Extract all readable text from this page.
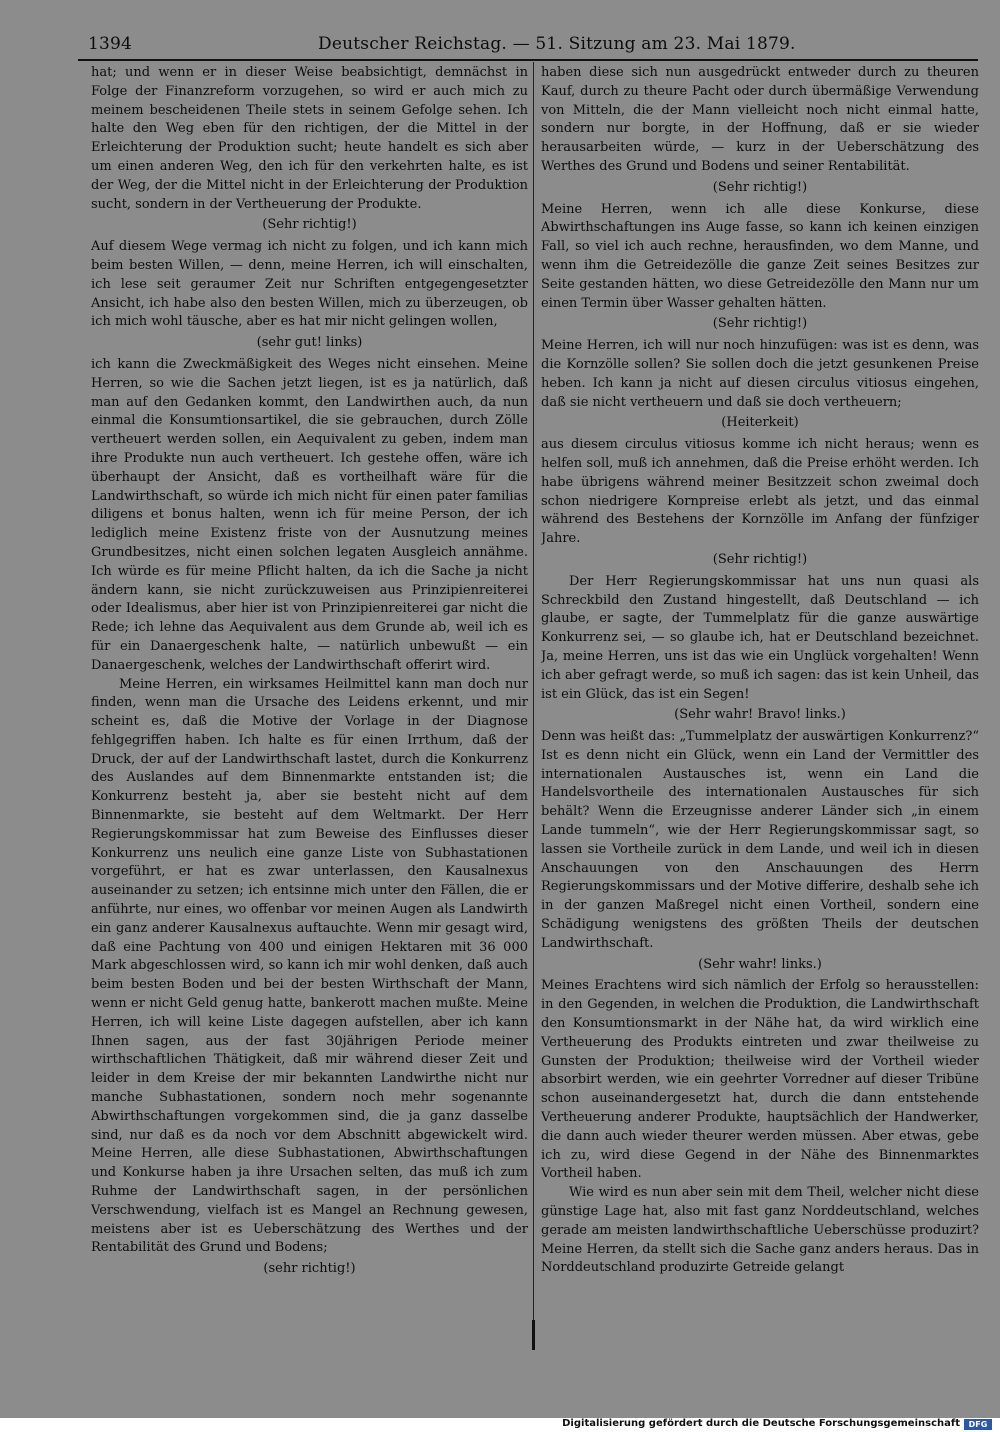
1394	Deutscher Reichstag. — 51. Sitzung am 23. Mai 1879.

hat; und wenn er in dieser Weise beabsichtigt, demnächst in Folge der Finanzreform vorzugehen, so wird er auch mich zu meinem bescheidenen Theile stets in seinem Gefolge sehen. Ich halte den Weg eben für den richtigen, der die Mittel in der Erleichterung der Produktion sucht; heute handelt es sich aber um einen anderen Weg, den ich für den verkehrten halte, es ist der Weg, der die Mittel nicht in der Erleichterung der Produktion sucht, sondern in der Vertheuerung der Produkte.

(Sehr richtig!)

Auf diesem Wege vermag ich nicht zu folgen, und ich kann mich beim besten Willen, — denn, meine Herren, ich will einschalten, ich lese seit geraumer Zeit nur Schriften entgegengesetzter Ansicht, ich habe also den besten Willen, mich zu überzeugen, ob ich mich wohl täusche, aber es hat mir nicht gelingen wollen,

(sehr gut! links)

ich kann die Zweckmäßigkeit des Weges nicht einsehen. Meine Herren, so wie die Sachen jetzt liegen, ist es ja natürlich, daß man auf den Gedanken kommt, den Landwirthen auch, da nun einmal die Konsumtionsartikel, die sie gebrauchen, durch Zölle vertheuert werden sollen, ein Aequivalent zu geben, indem man ihre Produkte nun auch vertheuert. Ich gestehe offen, wäre ich überhaupt der Ansicht, daß es vortheilhaft wäre für die Landwirthschaft, so würde ich mich nicht für einen pater familias diligens et bonus halten, wenn ich für meine Person, der ich lediglich meine Existenz friste von der Ausnutzung meines Grundbesitzes, nicht einen solchen legaten Ausgleich annähme. Ich würde es für meine Pflicht halten, da ich die Sache ja nicht ändern kann, sie nicht zurückzuweisen aus Prinzipienreiterei oder Idealismus, aber hier ist von Prinzipienreiterei gar nicht die Rede; ich lehne das Aequivalent aus dem Grunde ab, weil ich es für ein Danaergeschenk halte, — natürlich unbewußt — ein Danaergeschenk, welches der Landwirthschaft offerirt wird.

Meine Herren, ein wirksames Heilmittel kann man doch nur finden, wenn man die Ursache des Leidens erkennt, und mir scheint es, daß die Motive der Vorlage in der Diagnose fehlgegriffen haben. Ich halte es für einen Irrthum, daß der Druck, der auf der Landwirthschaft lastet, durch die Konkurrenz des Auslandes auf dem Binnenmarkte entstanden ist; die Konkurrenz besteht ja, aber sie besteht nicht auf dem Binnenmarkte, sie besteht auf dem Weltmarkt. Der Herr Regierungskommissar hat zum Beweise des Einflusses dieser Konkurrenz uns neulich eine ganze Liste von Subhastationen vorgeführt, er hat es zwar unterlassen, den Kausalnexus auseinander zu setzen; ich entsinne mich unter den Fällen, die er anführte, nur eines, wo offenbar vor meinen Augen als Landwirth ein ganz anderer Kausalnexus auftauchte. Wenn mir gesagt wird, daß eine Pachtung von 400 und einigen Hektaren mit 36 000 Mark abgeschlossen wird, so kann ich mir wohl denken, daß auch beim besten Boden und bei der besten Wirthschaft der Mann, wenn er nicht Geld genug hatte, bankerott machen mußte. Meine Herren, ich will keine Liste dagegen aufstellen, aber ich kann Ihnen sagen, aus der fast 30jährigen Periode meiner wirthschaftlichen Thätigkeit, daß mir während dieser Zeit und leider in dem Kreise der mir bekannten Landwirthe nicht nur manche Subhastationen, sondern noch mehr sogenannte Abwirthschaftungen vorgekommen sind, die ja ganz dasselbe sind, nur daß es da noch vor dem Abschnitt abgewickelt wird. Meine Herren, alle diese Subhastationen, Abwirthschaftungen und Konkurse haben ja ihre Ursachen selten, das muß ich zum Ruhme der Landwirthschaft sagen, in der persönlichen Verschwendung, vielfach ist es Mangel an Rechnung gewesen, meistens aber ist es Ueberschätzung des Werthes und der Rentabilität des Grund und Bodens;

(sehr richtig!)

haben diese sich nun ausgedrückt entweder durch zu theuren Kauf, durch zu theure Pacht oder durch übermäßige Verwendung von Mitteln, die der Mann vielleicht noch nicht einmal hatte, sondern nur borgte, in der Hoffnung, daß er sie wieder herausarbeiten würde, — kurz in der Ueberschätzung des Werthes des Grund und Bodens und seiner Rentabilität.

(Sehr richtig!)

Meine Herren, wenn ich alle diese Konkurse, diese Abwirthschaftungen ins Auge fasse, so kann ich keinen einzigen Fall, so viel ich auch rechne, herausfinden, wo dem Manne, und wenn ihm die Getreidezölle die ganze Zeit seines Besitzes zur Seite gestanden hätten, wo diese Getreidezölle den Mann nur um einen Termin über Wasser gehalten hätten.

(Sehr richtig!)

Meine Herren, ich will nur noch hinzufügen: was ist es denn, was die Kornzölle sollen? Sie sollen doch die jetzt gesunkenen Preise heben. Ich kann ja nicht auf diesen circulus vitiosus eingehen, daß sie nicht vertheuern und daß sie doch vertheuern;

(Heiterkeit)

aus diesem circulus vitiosus komme ich nicht heraus; wenn es helfen soll, muß ich annehmen, daß die Preise erhöht werden. Ich habe übrigens während meiner Besitzzeit schon zweimal doch schon niedrigere Kornpreise erlebt als jetzt, und das einmal während des Bestehens der Kornzölle im Anfang der fünfziger Jahre.

(Sehr richtig!)

Der Herr Regierungskommissar hat uns nun quasi als Schreckbild den Zustand hingestellt, daß Deutschland — ich glaube, er sagte, der Tummelplatz für die ganze auswärtige Konkurrenz sei, — so glaube ich, hat er Deutschland bezeichnet. Ja, meine Herren, uns ist das wie ein Unglück vorgehalten! Wenn ich aber gefragt werde, so muß ich sagen: das ist kein Unheil, das ist ein Glück, das ist ein Segen!

(Sehr wahr! Bravo! links.)

Denn was heißt das: „Tummelplatz der auswärtigen Konkurrenz?“ Ist es denn nicht ein Glück, wenn ein Land der Vermittler des internationalen Austausches ist, wenn ein Land die Handelsvortheile des internationalen Austausches für sich behält? Wenn die Erzeugnisse anderer Länder sich „in einem Lande tummeln“, wie der Herr Regierungskommissar sagt, so lassen sie Vortheile zurück in dem Lande, und weil ich in diesen Anschauungen von den Anschauungen des Herrn Regierungskommissars und der Motive differire, deshalb sehe ich in der ganzen Maßregel nicht einen Vortheil, sondern eine Schädigung wenigstens des größten Theils der deutschen Landwirthschaft.

(Sehr wahr! links.)

Meines Erachtens wird sich nämlich der Erfolg so herausstellen: in den Gegenden, in welchen die Produktion, die Landwirthschaft den Konsumtionsmarkt in der Nähe hat, da wird wirklich eine Vertheuerung des Produkts eintreten und zwar theilweise zu Gunsten der Produktion; theilweise wird der Vortheil wieder absorbirt werden, wie ein geehrter Vorredner auf dieser Tribüne schon auseinandergesetzt hat, durch die dann entstehende Vertheuerung anderer Produkte, hauptsächlich der Handwerker, die dann auch wieder theurer werden müssen. Aber etwas, gebe ich zu, wird diese Gegend in der Nähe des Binnenmarktes Vortheil haben.

Wie wird es nun aber sein mit dem Theil, welcher nicht diese günstige Lage hat, also mit fast ganz Norddeutschland, welches gerade am meisten landwirthschaftliche Ueberschüsse produzirt? Meine Herren, da stellt sich die Sache ganz anders heraus. Das in Norddeutschland produzirte Getreide gelangt

Digitalisierung gefördert durch die Deutsche Forschungsgemeinschaft	DFG
